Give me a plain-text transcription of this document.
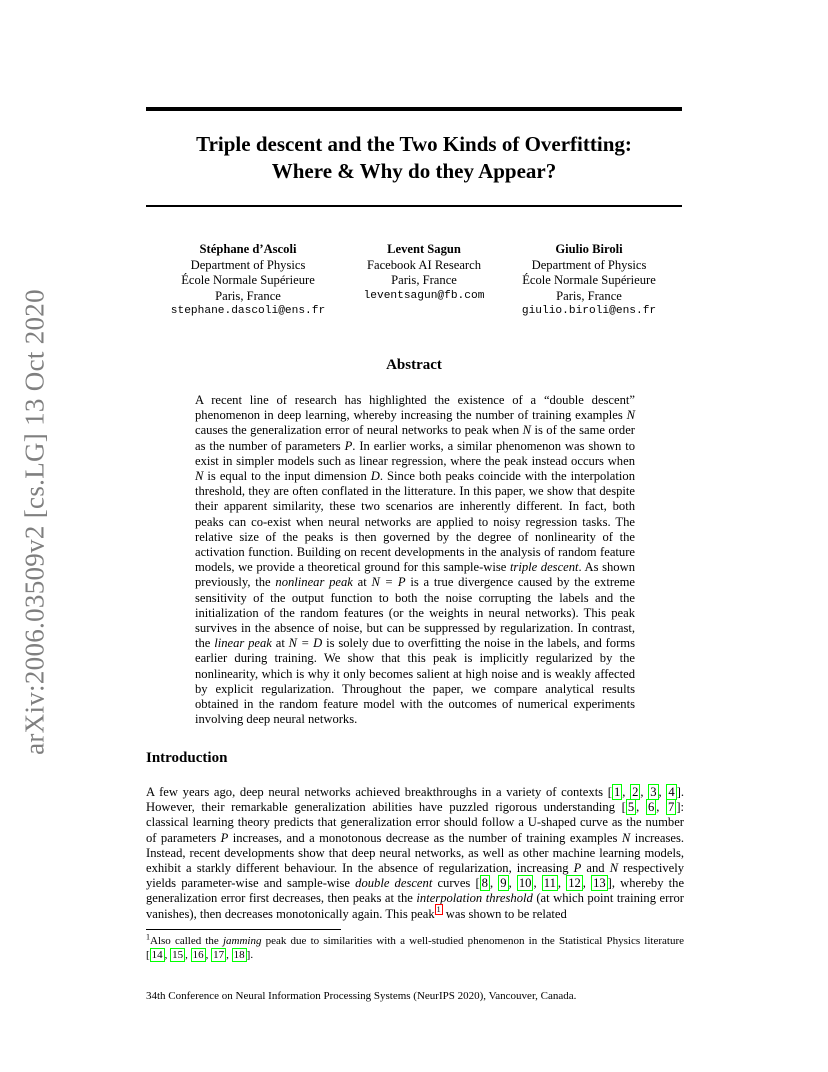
arXiv:2006.03509v2 [cs.LG] 13 Oct 2020
Triple descent and the Two Kinds of Overfitting:
Where & Why do they Appear?
Stéphane d’Ascoli
Department of Physics
École Normale Supérieure
Paris, France
stephane.dascoli@ens.fr
Levent Sagun
Facebook AI Research
Paris, France
leventsagun@fb.com
Giulio Biroli
Department of Physics
École Normale Supérieure
Paris, France
giulio.biroli@ens.fr
Abstract
A recent line of research has highlighted the existence of a “double descent” phenomenon in deep learning, whereby increasing the number of training examples N causes the generalization error of neural networks to peak when N is of the same order as the number of parameters P. In earlier works, a similar phenomenon was shown to exist in simpler models such as linear regression, where the peak instead occurs when N is equal to the input dimension D. Since both peaks coincide with the interpolation threshold, they are often conflated in the litterature. In this paper, we show that despite their apparent similarity, these two scenarios are inherently different. In fact, both peaks can co-exist when neural networks are applied to noisy regression tasks. The relative size of the peaks is then governed by the degree of nonlinearity of the activation function. Building on recent developments in the analysis of random feature models, we provide a theoretical ground for this sample-wise triple descent. As shown previously, the nonlinear peak at N = P is a true divergence caused by the extreme sensitivity of the output function to both the noise corrupting the labels and the initialization of the random features (or the weights in neural networks). This peak survives in the absence of noise, but can be suppressed by regularization. In contrast, the linear peak at N = D is solely due to overfitting the noise in the labels, and forms earlier during training. We show that this peak is implicitly regularized by the nonlinearity, which is why it only becomes salient at high noise and is weakly affected by explicit regularization. Throughout the paper, we compare analytical results obtained in the random feature model with the outcomes of numerical experiments involving deep neural networks.
Introduction
A few years ago, deep neural networks achieved breakthroughs in a variety of contexts [ 1 , 2 , 3 , 4 ]. However, their remarkable generalization abilities have puzzled rigorous understanding [ 5 , 6 , 7 ]: classical learning theory predicts that generalization error should follow a U-shaped curve as the number of parameters P increases, and a monotonous decrease as the number of training examples N increases. Instead, recent developments show that deep neural networks, as well as other machine learning models, exhibit a starkly different behaviour. In the absence of regularization, increasing P and N respectively yields parameter-wise and sample-wise double descent curves [ 8 , 9 , 10 , 11 , 12 , 13 ], whereby the generalization error first decreases, then peaks at the interpolation threshold (at which point training error vanishes), then decreases monotonically again. This peak $^1$ was shown to be related
$^1$Also called the jamming peak due to similarities with a well-studied phenomenon in the Statistical Physics literature [ 14 , 15 , 16 , 17 , 18 ].
34th Conference on Neural Information Processing Systems (NeurIPS 2020), Vancouver, Canada.
